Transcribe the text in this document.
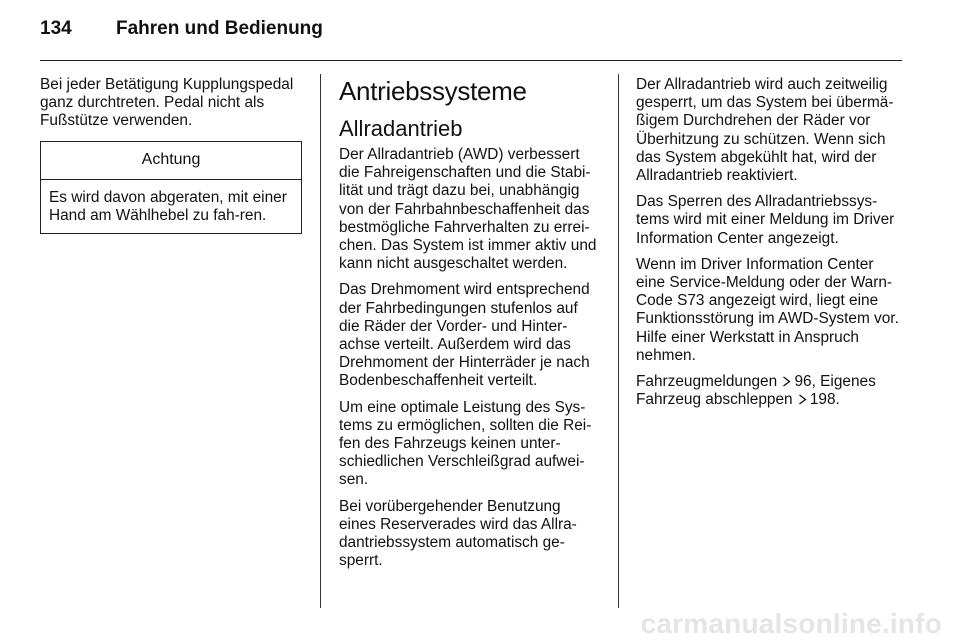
134 Fahren und Bedienung

Bei jeder Betätigung Kupplungspedal ganz durchtreten. Pedal nicht als Fußstütze verwenden.

Achtung
Es wird davon abgeraten, mit einer Hand am Wählhebel zu fah-ren.
Antriebssysteme
Allradantrieb

Der Allradantrieb (AWD) verbessert die Fahreigenschaften und die Stabi-lität und trägt dazu bei, unabhängig von der Fahrbahnbeschaffenheit das bestmögliche Fahrverhalten zu errei-chen. Das System ist immer aktiv und kann nicht ausgeschaltet werden.

Das Drehmoment wird entsprechend der Fahrbedingungen stufenlos auf die Räder der Vorder- und Hinter-achse verteilt. Außerdem wird das Drehmoment der Hinterräder je nach Bodenbeschaffenheit verteilt.

Um eine optimale Leistung des Sys-tems zu ermöglichen, sollten die Rei-fen des Fahrzeugs keinen unter-schiedlichen Verschleißgrad aufwei-sen.

Bei vorübergehender Benutzung eines Reserverades wird das Allra-dantriebssystem automatisch ge-sperrt.

Der Allradantrieb wird auch zeitweilig gesperrt, um das System bei übermä-ßigem Durchdrehen der Räder vor Überhitzung zu schützen. Wenn sich das System abgekühlt hat, wird der Allradantrieb reaktiviert.

Das Sperren des Allradantriebssys-tems wird mit einer Meldung im Driver Information Center angezeigt.

Wenn im Driver Information Center eine Service-Meldung oder der Warn-Code S73 angezeigt wird, liegt eine Funktionsstörung im AWD-System vor. Hilfe einer Werkstatt in Anspruch nehmen.

Fahrzeugmeldungen 96, Eigenes Fahrzeug abschleppen 198.

carmanualsonline.info
